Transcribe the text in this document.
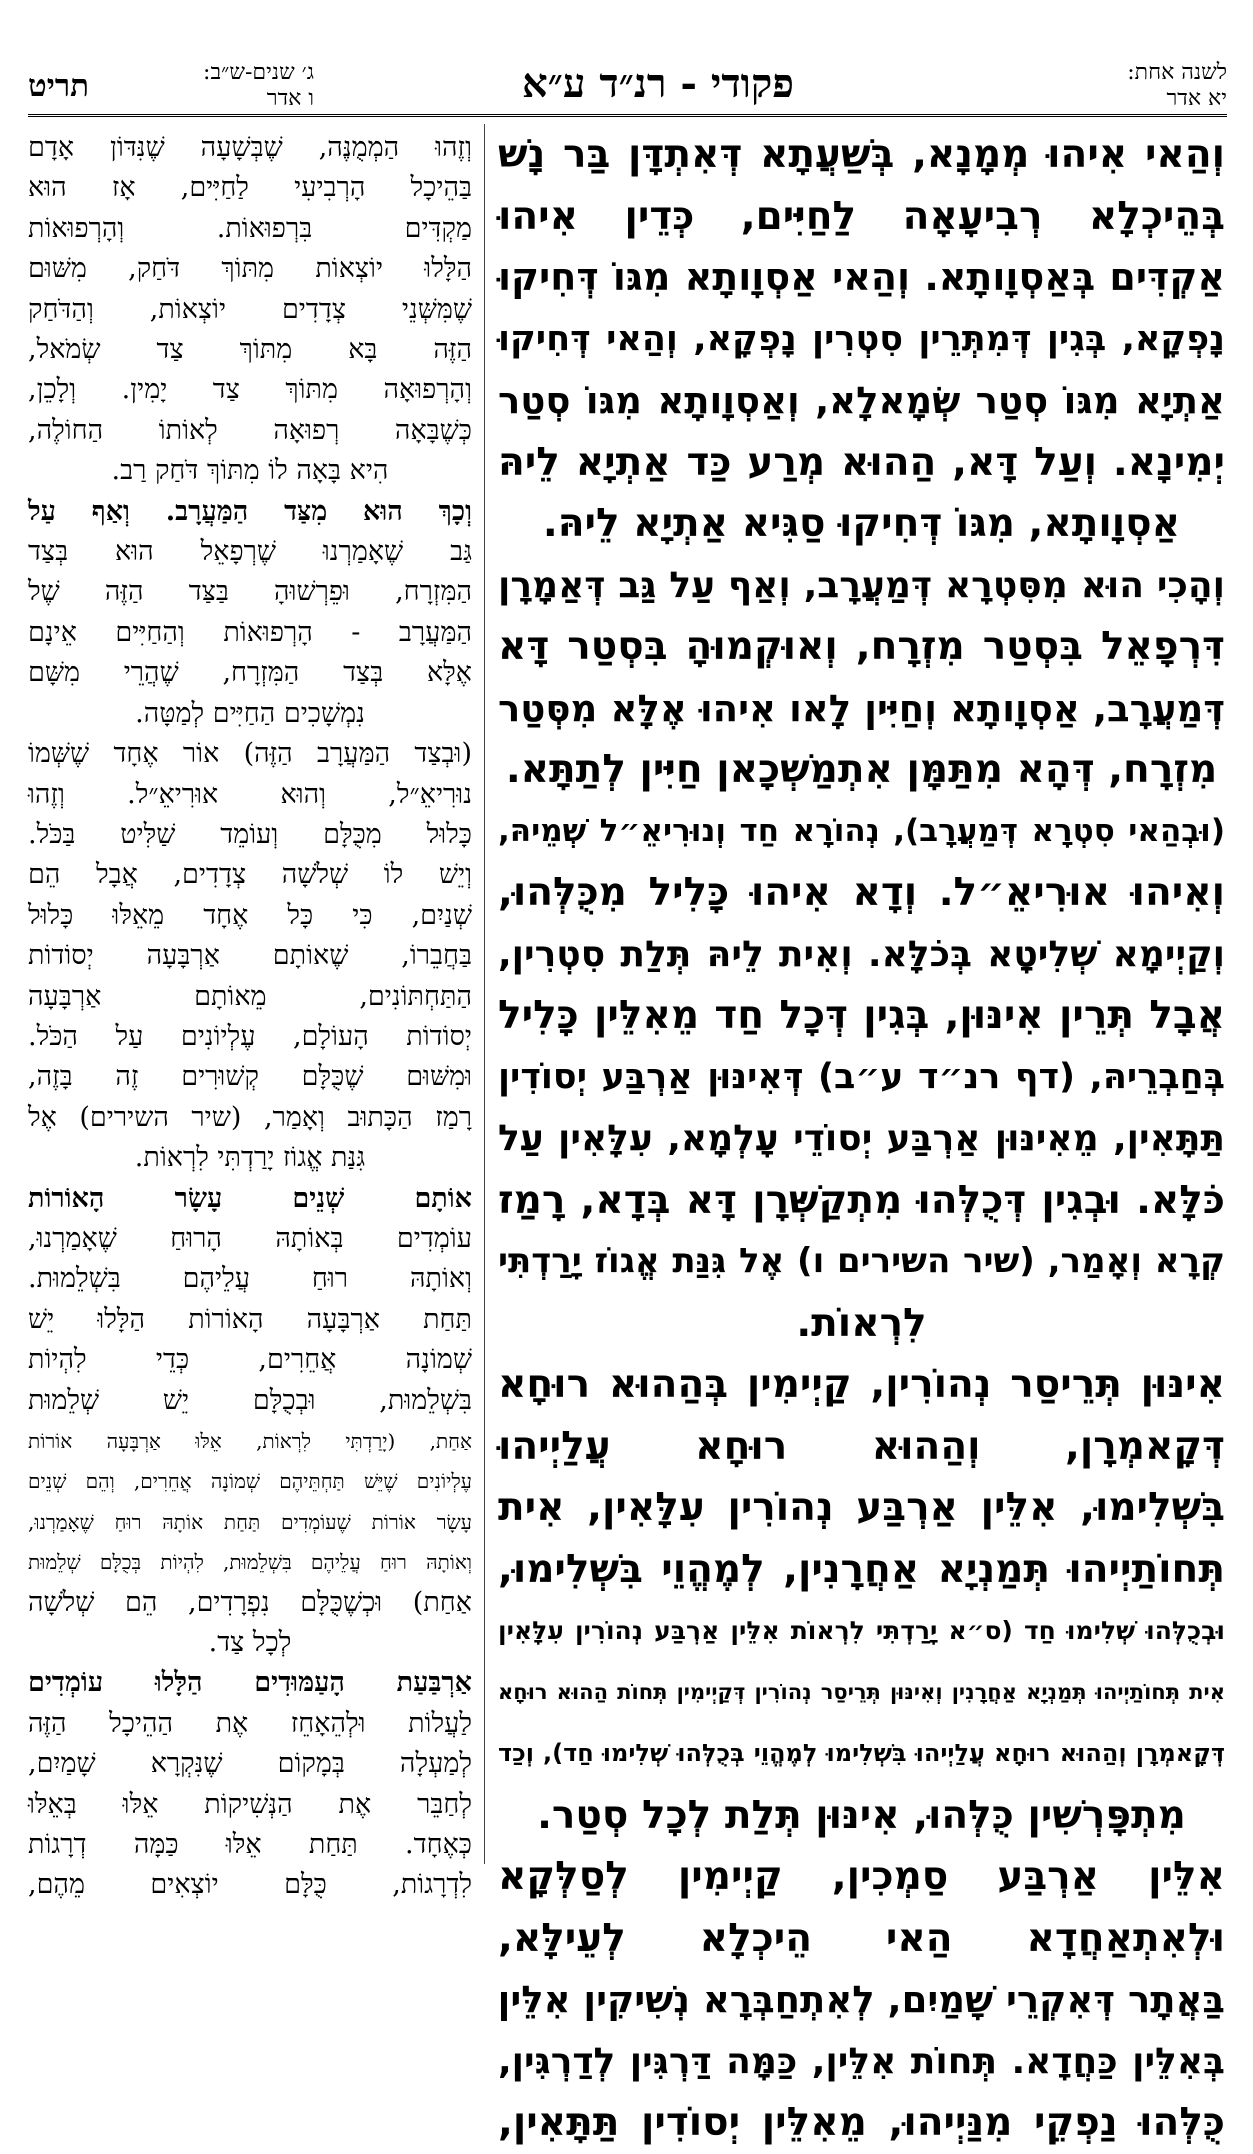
תריט	ג׳ שנים-ש״ב:
ו אדר	פקודי - רנ״ד ע״א	לשנה אחת:
יא אדר
וְהַאי אִיהוּ מְמָנָא, בְּשַׁעֲתָא דְּאִתְדָּן בַּר נָשׁ
בְּהֵיכְלָא רְבִיעָאָה לַחַיִּים, כְּדֵין אִיהוּ
אַקְדִּים בְּאַסְוָותָא. וְהַאי אַסְוָותָא מִגּוֹ דְּחִיקוּ
נָפְקָא, בְּגִין דְּמִתְּרֵין סִטְרִין נָפְקָא, וְהַאי דְּחִיקוּ
אַתְיָא מִגּוֹ סְטַר שְׂמָאלָא, וְאַסְוָותָא מִגּוֹ סְטַר
יְמִינָא. וְעַל דָּא, הַהוּא מְרַע כַּד אַתְיָא לֵיהּ
אַסְוָותָא, מִגּוֹ דְּחִיקוּ סַגִּיא אַתְיָא לֵיהּ.
וְהָכִי הוּא מִסִּטְרָא דְּמַעֲרָב, וְאַף עַל גַּב דְּאַמָרָן
דִּרְפָאֵל בִּסְטַר מִזְרָח, וְאוּקְמוּהָ בִּסְטַר דָּא
דְּמַעֲרָב, אַסְוָותָא וְחַיִּין לָאו אִיהוּ אֶלָּא מִסְּטַר
מִזְרָח, דְּהָא מִתַּמָּן אִתְמַשְׁכָאן חַיִּין לְתַתָּא.
(וּבְהַאי סִטְרָא דְּמַעֲרָב), נְהוֹרָא חַד וְנוּרִיאֵ״ל שְׁמֵיהּ,
וְאִיהוּ אוּרִיאֵ״ל. וְדָא אִיהוּ כָּלִיל מִכֻּלְּהוּ,
וְקַיְימָא שְׁלִיטָא בְּכֹלָּא. וְאִית לֵיהּ תְּלַת סִטְרִין,
אֲבָל תְּרֵין אִינּוּן, בְּגִין דְּכָל חַד מֵאִלֵּין כָּלִיל
בְּחַבְרֵיהּ, (דף רנ״ד ע״ב) דְּאִינּוּן אַרְבַּע יְסוֹדִין
תַּתָּאִין, מֵאִינּוּן אַרְבַּע יְסוֹדֵי עָלְמָא, עִלָּאִין עַל
כֹּלָּא. וּבְגִין דְּכֻלְּהוּ מִתְקַשְּׁרָן דָּא בְּדָא, רָמַז
קְרָא וְאָמַר, (שיר השירים ו) אֶל גִּנַּת אֱגוֹז יָרַדְתִּי
לִרְאוֹת.
אִינּוּן תְּרֵיסַר נְהוֹרִין, קַיְימִין בְּהַהוּא רוּחָא
דְּקָאמְרָן, וְהַהוּא רוּחָא עֲלַיְיהוּ
בִּשְׁלִימוּ, אִלֵּין אַרְבַּע נְהוֹרִין עִלָּאִין, אִית
תְּחוֹתַיְיהוּ תְּמַנְיָא אַחֲרָנִין, לְמֶהֱוֵי בִּשְׁלִימוּ,
וּבְכֻלְּהוּ שְׁלִימוּ חַד (ס״א יָרַדְתִּי לִרְאוֹת אִלֵּין אַרְבַּע נְהוֹרִין עִלָּאִין
אִית תְּחוֹתַיְיהוּ תְּמַנְיָא אַחֲרָנִין וְאִינּוּן תְּרֵיסַר נְהוֹרִין דְּקַיְימִין תְּחוֹת הַהוּא רוּחָא
דְּקָאמְרָן וְהַהוּא רוּחָא עֲלַיְיהוּ בִּשְׁלִימוּ לְמֶהֱוֵי בְּכֻלְּהוּ שְׁלִימוּ חַד), וְכַד
מִתְפָּרְשִׁין כֻּלְּהוּ, אִינּוּן תְּלַת לְכָל סְטַר.
אִלֵּין אַרְבַּע סַמְכִין, קַיְימִין לְסַלְּקָא
וּלְאִתְאַחֲדָא הַאי הֵיכְלָא לְעֵילָּא,
בַּאֲתָר דְּאִקְרֵי שָׁמַיִם, לְאִתְחַבְּרָא נְשִׁיקִין אִלֵּין
בְּאִלֵּין כַּחֲדָא. תְּחוֹת אִלֵּין, כַּמָּה דַּרְגִּין לְדַרְגִּין,
כֻּלְּהוּ נַפְקֵי מִנַּיְיהוּ, מֵאִלֵּין יְסוֹדִין תַּתָּאִין,
וְזֶהוּ הַמְמֻנֶּה, שֶׁבְּשָׁעָה שֶׁנִּדּוֹן אָדָם
בַּהֵיכָל הָרְבִיעִי לַחַיִּים, אָז הוּא
מַקְדִּים בִּרְפוּאוֹת. וְהָרְפוּאוֹת
הַלָּלוּ יוֹצְאוֹת מִתּוֹךְ דֹּחַק, מִשּׁוּם
שֶׁמִּשְּׁנֵי צְדָדִים יוֹצְאוֹת, וְהַדֹּחַק
הַזֶּה בָּא מִתּוֹךְ צַד שְׂמֹאל,
וְהָרְפוּאָה מִתּוֹךְ צַד יָמִין. וְלָכֵן,
כְּשֶׁבָּאָה רְפוּאָה לְאוֹתוֹ הַחוֹלֶה,
הִיא בָּאָה לוֹ מִתּוֹךְ דֹּחַק רַב.
וְכָךְ הוּא מִצַּד הַמַּעֲרָב. וְאַף עַל
גַּב שֶׁאָמַרְנוּ שֶׁרְפָאֵל הוּא בְּצַד
הַמִּזְרָח, וּפֵרְשׁוּהָ בַּצַּד הַזֶּה שֶׁל
הַמַּעֲרָב - הָרְפוּאוֹת וְהַחַיִּים אֵינָם
אֶלָּא בְּצַד הַמִּזְרָח, שֶׁהֲרֵי מִשָּׁם
נִמְשָׁכִים הַחַיִּים לְמַטָּה.
(וּבְצַד הַמַּעֲרָב הַזֶּה) אוֹר אֶחָד שֶׁשְּׁמוֹ
נוּרִיאֵ״ל, וְהוּא אוּרִיאֵ״ל. וְזֶהוּ
כָּלוּל מִכֻּלָּם וְעוֹמֵד שַׁלִּיט בַּכֹּל.
וְיֵשׁ לוֹ שְׁלֹשָׁה צְדָדִים, אֲבָל הֵם
שְׁנַיִם, כִּי כָּל אֶחָד מֵאֵלּוּ כָּלוּל
בַּחֲבֵרוֹ, שֶׁאוֹתָם אַרְבָּעָה יְסוֹדוֹת
הַתַּחְתּוֹנִים, מֵאוֹתָם אַרְבָּעָה
יְסוֹדוֹת הָעוֹלָם, עֶלְיוֹנִים עַל הַכֹּל.
וּמִשּׁוּם שֶׁכֻּלָּם קְשׁוּרִים זֶה בָּזֶה,
רָמַז הַכָּתוּב וְאָמַר, (שיר השירים) אֶל
גִּנַּת אֱגוֹז יָרַדְתִּי לִרְאוֹת.
אוֹתָם שְׁנֵים עָשָׂר הָאוֹרוֹת
עוֹמְדִים בְּאוֹתָהּ הָרוּחַ שֶׁאָמַרְנוּ,
וְאוֹתָהּ רוּחַ עֲלֵיהֶם בִּשְׁלֵמוּת.
תַּחַת אַרְבָּעָה הָאוֹרוֹת הַלָּלוּ יֵשׁ
שְׁמוֹנָה אֲחֵרִים, כְּדֵי לִהְיוֹת
בִּשְׁלֵמוּת, וּבְכֻלָּם יֵשׁ שְׁלֵמוּת
אַחַת, (יָרַדְתִּי לִרְאוֹת, אֵלּוּ אַרְבָּעָה אוֹרוֹת
עֶלְיוֹנִים שֶׁיֵּשׁ תַּחְתֵּיהֶם שְׁמוֹנָה אֲחֵרִים, וְהֵם שְׁנֵים
עָשָׂר אוֹרוֹת שֶׁעוֹמְדִים תַּחַת אוֹתָהּ רוּחַ שֶׁאָמַרְנוּ,
וְאוֹתָהּ רוּחַ עֲלֵיהֶם בִּשְׁלֵמוּת, לִהְיוֹת בְּכֻלָּם שְׁלֵמוּת
אַחַת) וּכְשֶׁכֻּלָּם נִפְרָדִים, הֵם שְׁלֹשָׁה
לְכָל צַד.
אַרְבַּעַת הָעַמּוּדִים הַלָּלוּ עוֹמְדִים
לַעֲלוֹת וּלְהֵאָחֵז אֶת הַהֵיכָל הַזֶּה
לְמַעְלָה בְּמָקוֹם שֶׁנִּקְרָא שָׁמַיִם,
לְחַבֵּר אֶת הַנְּשִׁיקוֹת אֵלּוּ בְּאֵלּוּ
כְּאֶחָד. תַּחַת אֵלּוּ כַּמָּה דְרָגוֹת
לִדְרָגוֹת, כֻּלָּם יוֹצְאִים מֵהֶם,
